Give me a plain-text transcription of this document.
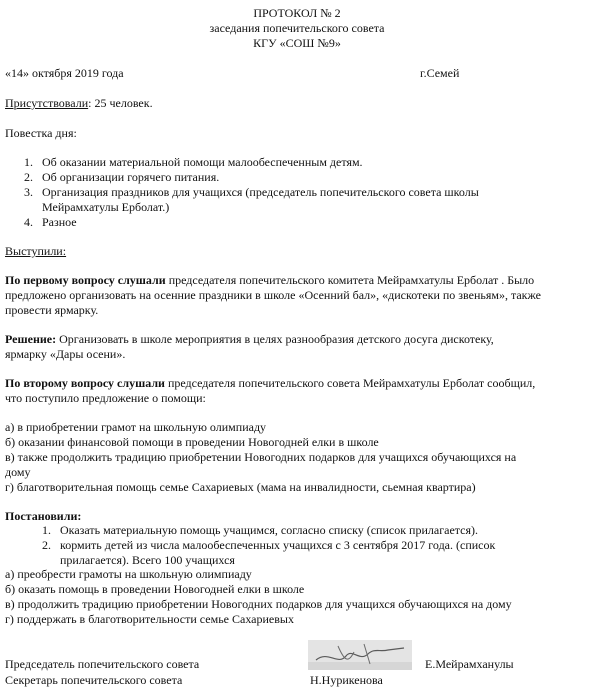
ПРОТОКОЛ № 2
заседания попечительского совета
КГУ «СОШ №9»
«14» октября 2019 года	г.Семей
Присутствовали: 25 человек.
Повестка дня:
1. Об оказании материальной помощи малообеспеченным детям.
2. Об организации горячего питания.
3. Организация праздников для учащихся (председатель попечительского совета школы
Мейрамхатулы Ерболат.)
4. Разное
Выступили:
По первому вопросу слушали председателя попечительского комитета Мейрамхатулы Ерболат . Было
предложено организовать на осенние праздники в школе «Осенний бал», «дискотеки по звеньям», также
провести ярмарку.
Решение: Организовать в школе мероприятия в целях разнообразия детского досуга дискотеку,
ярмарку «Дары осени».
По второму вопросу слушали председателя попечительского совета Мейрамхатулы Ерболат сообщил,
что поступило предложение о помощи:
а) в приобретении грамот на школьную олимпиаду
б) оказании финансовой помощи в проведении Новогодней елки в школе
в) также продолжить традицию приобретении Новогодних подарков для учащихся обучающихся на
дому
г) благотворительная помощь семье Сахариевых (мама на инвалидности, сьемная квартира)
Постановили:
1. Оказать материальную помощь учащимся, согласно списку (список прилагается).
2. кормить детей из числа малообеспеченных учащихся с 3 сентября 2017 года. (список
прилагается). Всего 100 учащихся
а) преобрести грамоты на школьную олимпиаду
б) оказать помощь в проведении Новогодней елки в школе
в) продолжить традицию приобретении Новогодних подарков для учащихся обучающихся на дому
г) поддержать в благотворительности семье Сахариевых
Председатель попечительского совета	Е.Мейрамханулы
Секретарь попечительского совета	Н.Нурикенова
